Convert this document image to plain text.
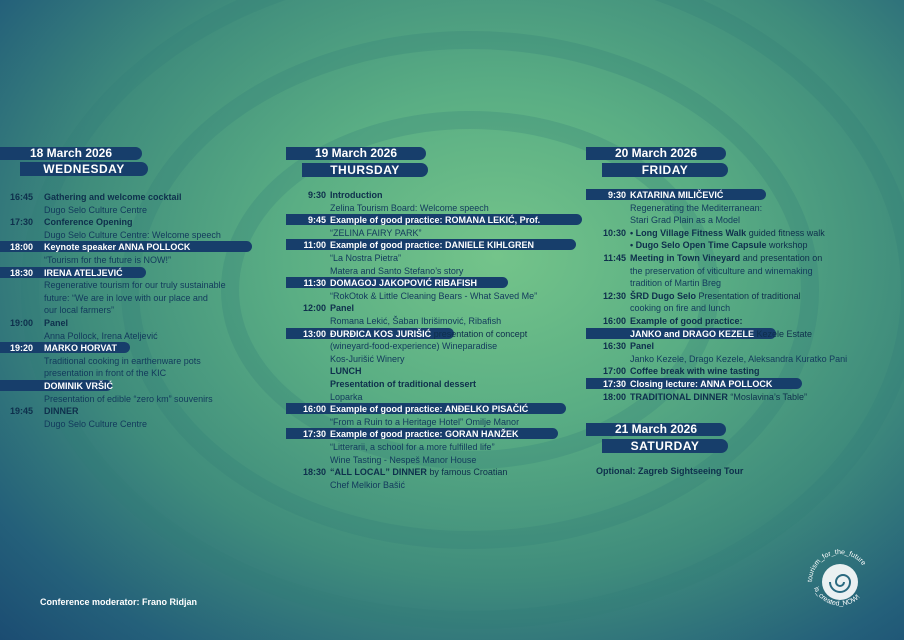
18 March 2026
WEDNESDAY
19 March 2026
THURSDAY
20 March 2026
FRIDAY
21 March 2026
SATURDAY
Optional: Zagreb Sightseeing Tour
16:45	Gathering and welcome cocktail
Dugo Selo Culture Centre
17:30	Conference Opening
Dugo Selo Culture Centre: Welcome speech
18:00	Keynote speaker ANNA POLLOCK
“Tourism for the future is NOW!”
18:30	IRENA ATELJEVIĆ
Regenerative tourism for our truly sustainable
future: “We are in love with our place and
our local farmers”
19:00	Panel
Anna Pollock, Irena Ateljević
19:20	MARKO HORVAT
Traditional cooking in earthenware pots
presentation in front of the KIC
DOMINIK VRŠIĆ
Presentation of edible “zero km” souvenirs
19:45	DINNER
Dugo Selo Culture Centre
9:30 Introduction
Zelina Tourism Board: Welcome speech
9:45 Example of good practice: ROMANA LEKIĆ, Prof.
“ZELINA FAIRY PARK”
11:00 Example of good practice: DANIELE KIHLGREN
“La Nostra Pietra”
Matera and Santo Stefano’s story
11:30 DOMAGOJ JAKOPOVIĆ RIBAFISH
“RokOtok & Little Cleaning Bears - What Saved Me”
12:00 Panel
Romana Lekić, Šaban Ibrišimović, Ribafish
13:00 ĐURĐICA KOS JURIŠIĆ presentation of concept
(wineyard-food-experience) Wineparadise
Kos-Jurišić Winery
LUNCH
Presentation of traditional dessert
Loparka
16:00 Example of good practice: ANĐELKO PISAČIĆ
“From a Ruin to a Heritage Hotel” Omilje Manor
17:30 Example of good practice: GORAN HANŽEK
“Litterarii, a school for a more fulfilled life”
Wine Tasting - Nespeš Manor House
18:30 “ALL LOCAL” DINNER by famous Croatian
Chef Melkior Bašić
9:30 KATARINA MILIČEVIĆ
Regenerating the Mediterranean:
Stari Grad Plain as a Model
10:30 • Long Village Fitness Walk guided fitness walk
• Dugo Selo Open Time Capsule workshop
11:45 Meeting in Town Vineyard and presentation on
the preservation of viticulture and winemaking
tradition of Martin Breg
12:30 ŠRD Dugo Selo Presentation of traditional
cooking on fire and lunch
16:00 Example of good practice:
JANKO and DRAGO KEZELE Kezele Estate
16:30 Panel
Janko Kezele, Drago Kezele, Aleksandra Kuratko Pani
17:00 Coffee break with wine tasting
17:30 Closing lecture: ANNA POLLOCK
18:00 TRADITIONAL DINNER “Moslavina’s Table”
Conference moderator: Frano Ridjan
tourism_for_the_future
is_created_NOW!
